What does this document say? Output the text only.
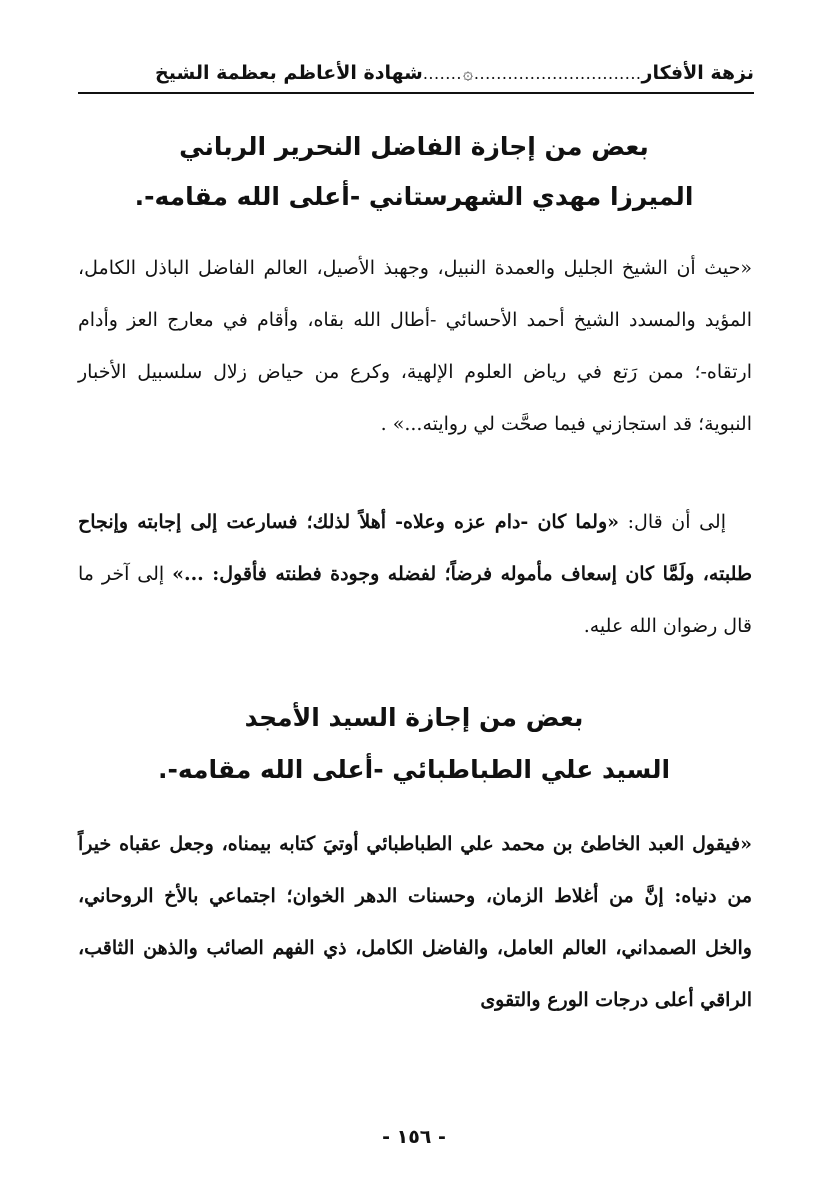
نزهة الأفكار
..............................
۞
.......
شهادة الأعاظم بعظمة الشيخ
بعض من إجازة الفاضل النحرير الرباني
الميرزا مهدي الشهرستاني -أعلى الله مقامه-.
«حيث أن الشيخ الجليل والعمدة النبيل، وجهبذ الأصيل، العالم الفاضل الباذل الكامل، المؤيد والمسدد الشيخ أحمد الأحسائي -أطال الله بقاه، وأقام في معارج العز وأدام ارتقاه-؛ ممن رَتع في رياض العلوم الإلهية، وكرع من حياض زلال سلسبيل الأخبار النبوية؛ قد استجازني فيما صحَّت لي روايته...» .
إلى أن قال: «ولما كان -دام عزه وعلاه- أهلاً لذلك؛ فسارعت إلى إجابته وإنجاح طلبته، ولَمَّا كان إسعاف مأموله فرضاً؛ لفضله وجودة فطنته فأقول: ...» إلى آخر ما قال رضوان الله عليه.
بعض من إجازة السيد الأمجد
السيد علي الطباطبائي -أعلى الله مقامه-.
«فيقول العبد الخاطئ بن محمد علي الطباطبائي أوتيَ كتابه بيمناه، وجعل عقباه خيراً من دنياه: إنَّ من أغلاط الزمان، وحسنات الدهر الخوان؛ اجتماعي بالأخ الروحاني، والخل الصمداني، العالم العامل، والفاضل الكامل، ذي الفهم الصائب والذهن الثاقب، الراقي أعلى درجات الورع والتقوى
- ١٥٦ -
